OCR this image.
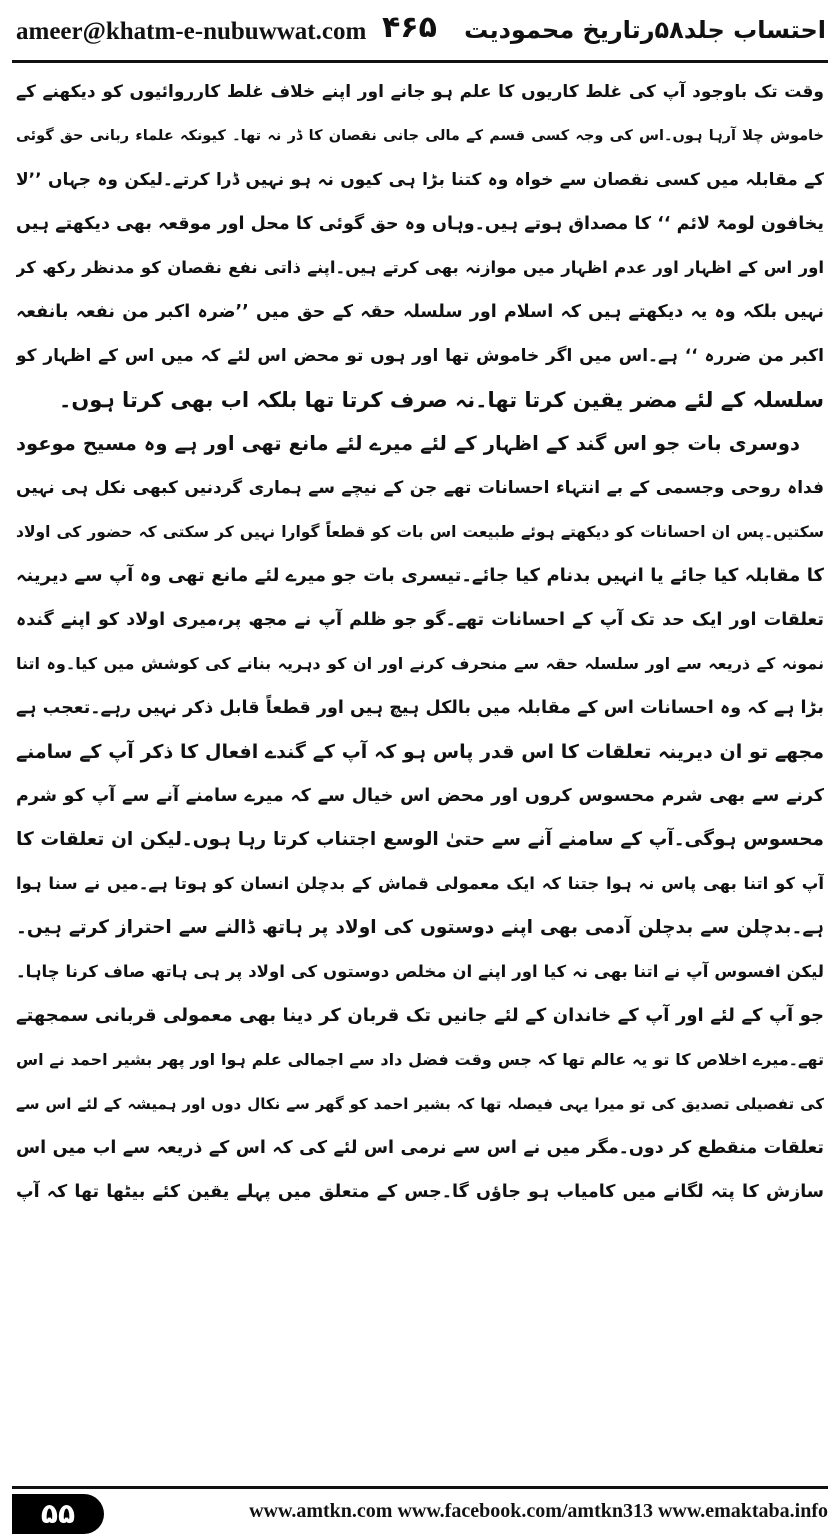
ameer@khatm-e-nubuwwat.com ۴۶۵ احتساب جلد۵۸رتاریخ محمودیت
وقت تک باوجود آپ کی غلط کاریوں کا علم ہو جانے اور اپنے خلاف غلط کارروائیوں کو دیکھنے کے
خاموش چلا آرہا ہوں۔اس کی وجہ کسی قسم کے مالی جانی نقصان کا ڈر نہ تھا۔ کیونکہ علماء ربانی حق گوئی
کے مقابلہ میں کسی نقصان سے خواہ وہ کتنا بڑا ہی کیوں نہ ہو نہیں ڈرا کرتے۔لیکن وہ جہاں ’’لا
یخافون لومۃ لائم ‘‘ کا مصداق ہوتے ہیں۔وہاں وہ حق گوئی کا محل اور موقعہ بھی دیکھتے ہیں
اور اس کے اظہار اور عدم اظہار میں موازنہ بھی کرتے ہیں۔اپنے ذاتی نفع نقصان کو مدنظر رکھ کر
نہیں بلکہ وہ یہ دیکھتے ہیں کہ اسلام اور سلسلہ حقہ کے حق میں ’’ضرہ اکبر من نفعہ بانفعہ
اکبر من ضررہ ‘‘ ہے۔اس میں اگر خاموش تھا اور ہوں تو محض اس لئے کہ میں اس کے اظہار کو
سلسلہ کے لئے مضر یقین کرتا تھا۔نہ صرف کرتا تھا بلکہ اب بھی کرتا ہوں۔
دوسری بات جو اس گند کے اظہار کے لئے میرے لئے مانع تھی اور ہے وہ مسیح موعود
فداہ روحی وجسمی کے بے انتہاء احسانات تھے جن کے نیچے سے ہماری گردنیں کبھی نکل ہی نہیں
سکتیں۔پس ان احسانات کو دیکھتے ہوئے طبیعت اس بات کو قطعاً گوارا نہیں کر سکتی کہ حضور کی اولاد
کا مقابلہ کیا جائے یا انہیں بدنام کیا جائے۔تیسری بات جو میرے لئے مانع تھی وہ آپ سے دیرینہ
تعلقات اور ایک حد تک آپ کے احسانات تھے۔گو جو ظلم آپ نے مجھ پر،میری اولاد کو اپنے گندہ
نمونہ کے ذریعہ سے اور سلسلہ حقہ سے منحرف کرنے اور ان کو دہریہ بنانے کی کوشش میں کیا۔وہ اتنا
بڑا ہے کہ وہ احسانات اس کے مقابلہ میں بالکل ہیچ ہیں اور قطعاً قابل ذکر نہیں رہے۔تعجب ہے
مجھے تو ان دیرینہ تعلقات کا اس قدر پاس ہو کہ آپ کے گندے افعال کا ذکر آپ کے سامنے
کرنے سے بھی شرم محسوس کروں اور محض اس خیال سے کہ میرے سامنے آنے سے آپ کو شرم
محسوس ہوگی۔آپ کے سامنے آنے سے حتیٰ الوسع اجتناب کرتا رہا ہوں۔لیکن ان تعلقات کا
آپ کو اتنا بھی پاس نہ ہوا جتنا کہ ایک معمولی قماش کے بدچلن انسان کو ہوتا ہے۔میں نے سنا ہوا
ہے۔بدچلن سے بدچلن آدمی بھی اپنے دوستوں کی اولاد پر ہاتھ ڈالنے سے احتراز کرتے ہیں۔
لیکن افسوس آپ نے اتنا بھی نہ کیا اور اپنے ان مخلص دوستوں کی اولاد پر ہی ہاتھ صاف کرنا چاہا۔
جو آپ کے لئے اور آپ کے خاندان کے لئے جانیں تک قربان کر دینا بھی معمولی قربانی سمجھتے
تھے۔میرے اخلاص کا تو یہ عالم تھا کہ جس وقت فضل داد سے اجمالی علم ہوا اور پھر بشیر احمد نے اس
کی تفصیلی تصدیق کی تو میرا یہی فیصلہ تھا کہ بشیر احمد کو گھر سے نکال دوں اور ہمیشہ کے لئے اس سے
تعلقات منقطع کر دوں۔مگر میں نے اس سے نرمی اس لئے کی کہ اس کے ذریعہ سے اب میں اس
سازش کا پتہ لگانے میں کامیاب ہو جاؤں گا۔جس کے متعلق میں پہلے یقین کئے بیٹھا تھا کہ آپ
۵۵	www.amtkn.com www.facebook.com/amtkn313 www.emaktaba.info
